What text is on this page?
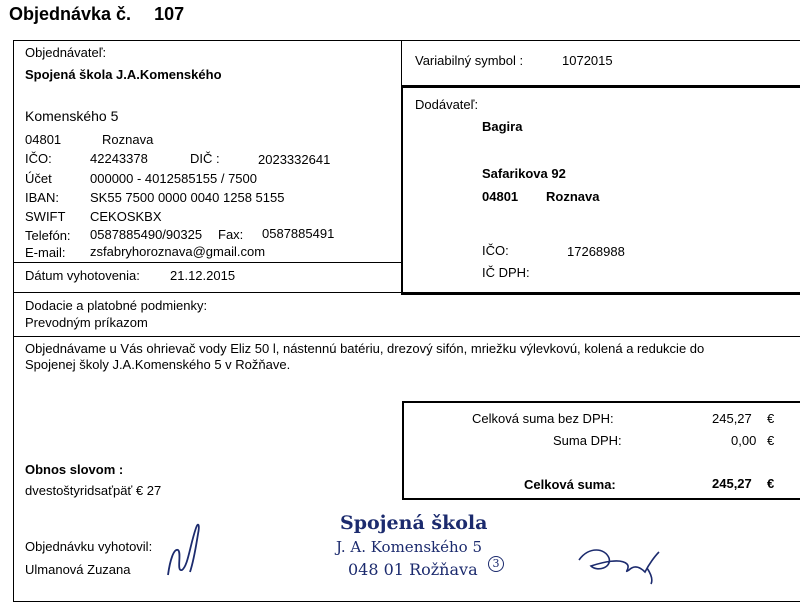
Objednávka č. 107
Objednávateľ:
Spojená škola J.A.Komenského
Komenského 5
04801	Roznava
IČO:	42243378	DIČ :	2023332641
Účet	000000 - 4012585155 / 7500
IBAN: SK55 7500 0000 0040 1258 5155
SWIFT CEKOSKBX
Telefón: 0587885490/90325 Fax: 0587885491
E-mail: zsfabryhoroznava@gmail.com
Dátum vyhotovenia: 21.12.2015
Variabilný symbol :	1072015
Dodávateľ:
Bagira
Safarikova 92
04801 Roznava
IČO:	17268988
IČ DPH:
Dodacie a platobné podmienky:
Prevodným príkazom
Objednávame u Vás ohrievač vody Eliz 50 l, nástennú batériu, drezový sifón, mriežku výlevkovú, kolená a redukcie do
Spojenej školy J.A.Komenského 5 v Rožňave.
Celková suma bez DPH:	245,27 €
Suma DPH:	0,00 €
Celková suma:	245,27 €
Obnos slovom :
dvestoštyridsaťpäť € 27
Objednávku vyhotovil:
Ulmanová Zuzana
Spojená škola
J. A. Komenského 5
048 01 Rožňava	3
